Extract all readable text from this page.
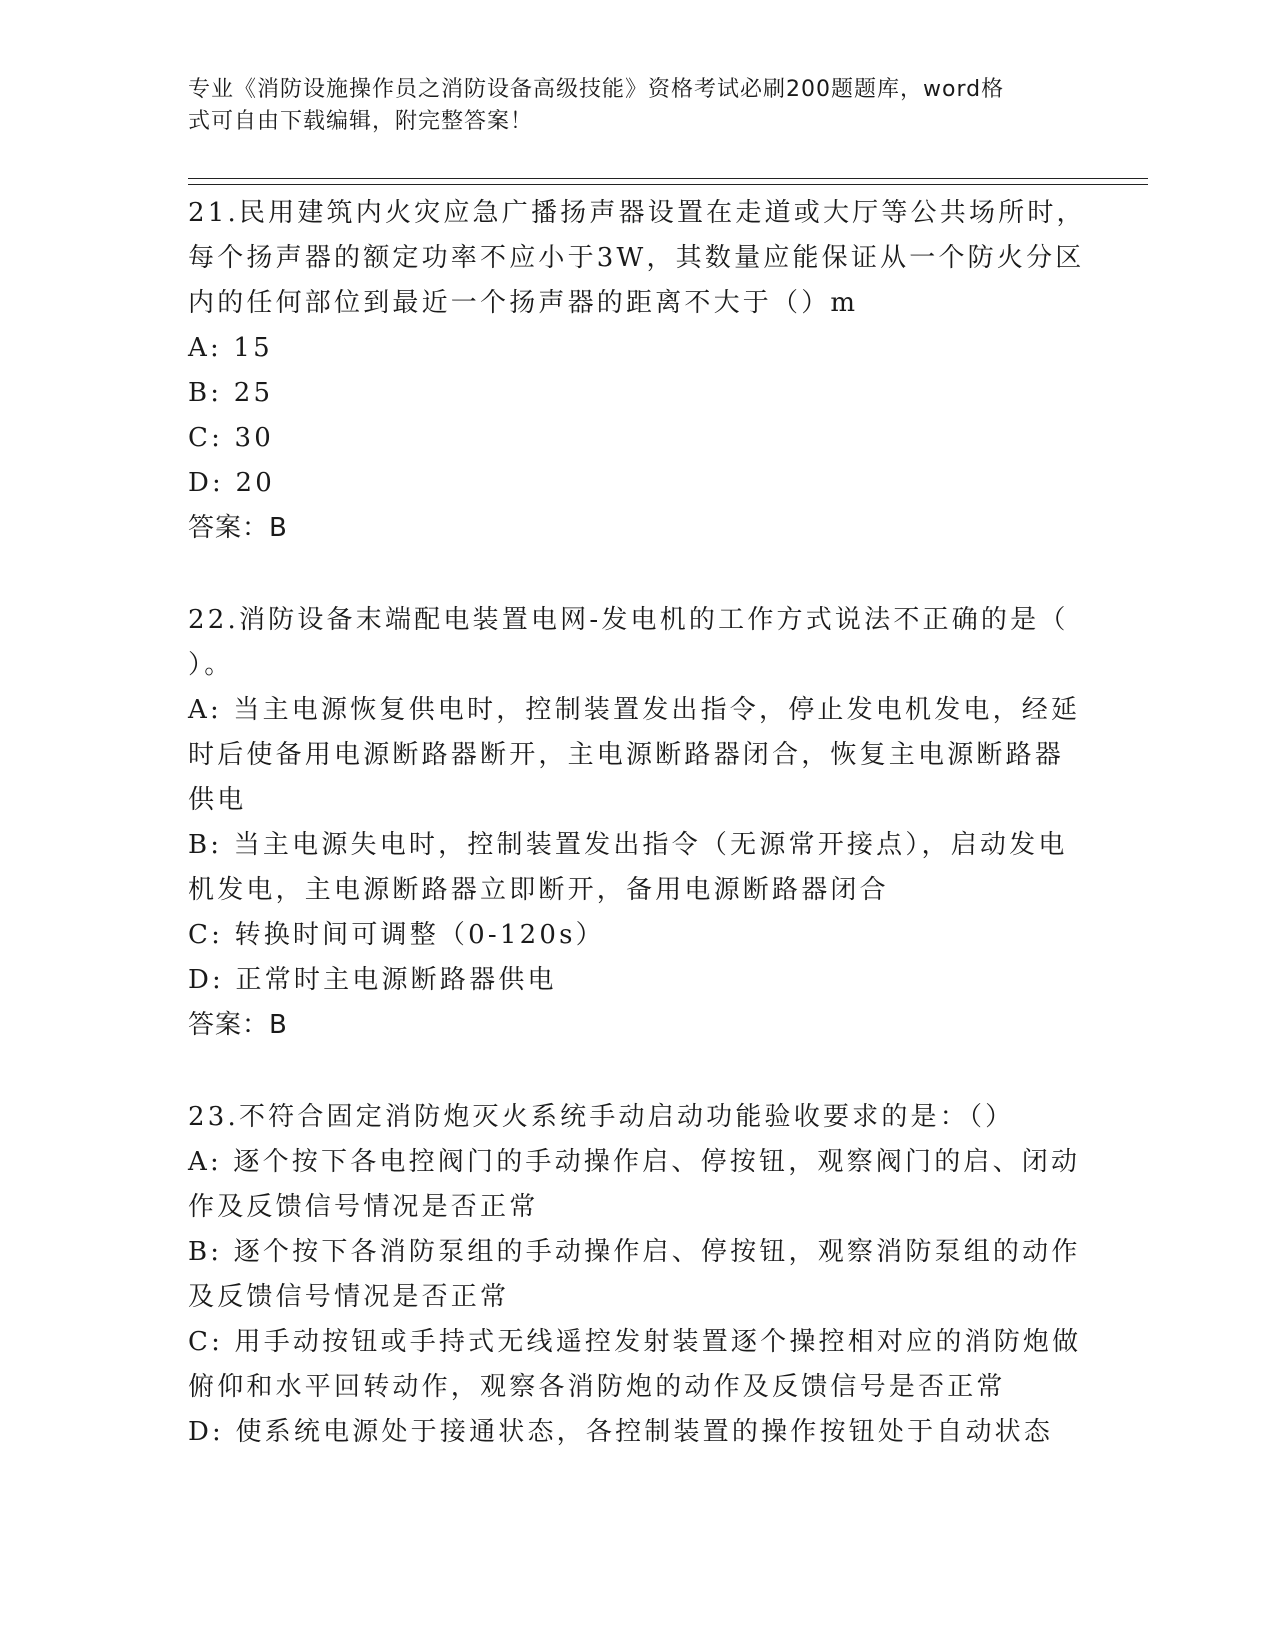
专业《消防设施操作员之消防设备高级技能》资格考试必刷200题题库，word格
式可自由下载编辑，附完整答案！
21.民用建筑内火灾应急广播扬声器设置在走道或大厅等公共场所时，
每个扬声器的额定功率不应小于3W，其数量应能保证从一个防火分区
内的任何部位到最近一个扬声器的距离不大于（）m
A: 15
B: 25
C: 30
D: 20
答案：B
22.消防设备末端配电装置电网-发电机的工作方式说法不正确的是（
）。
A: 当主电源恢复供电时，控制装置发出指令，停止发电机发电，经延
时后使备用电源断路器断开，主电源断路器闭合，恢复主电源断路器
供电
B: 当主电源失电时，控制装置发出指令（无源常开接点），启动发电
机发电，主电源断路器立即断开，备用电源断路器闭合
C: 转换时间可调整（0-120s）
D: 正常时主电源断路器供电
答案：B
23.不符合固定消防炮灭火系统手动启动功能验收要求的是：（）
A: 逐个按下各电控阀门的手动操作启、停按钮，观察阀门的启、闭动
作及反馈信号情况是否正常
B: 逐个按下各消防泵组的手动操作启、停按钮，观察消防泵组的动作
及反馈信号情况是否正常
C: 用手动按钮或手持式无线遥控发射装置逐个操控相对应的消防炮做
俯仰和水平回转动作，观察各消防炮的动作及反馈信号是否正常
D: 使系统电源处于接通状态，各控制装置的操作按钮处于自动状态
